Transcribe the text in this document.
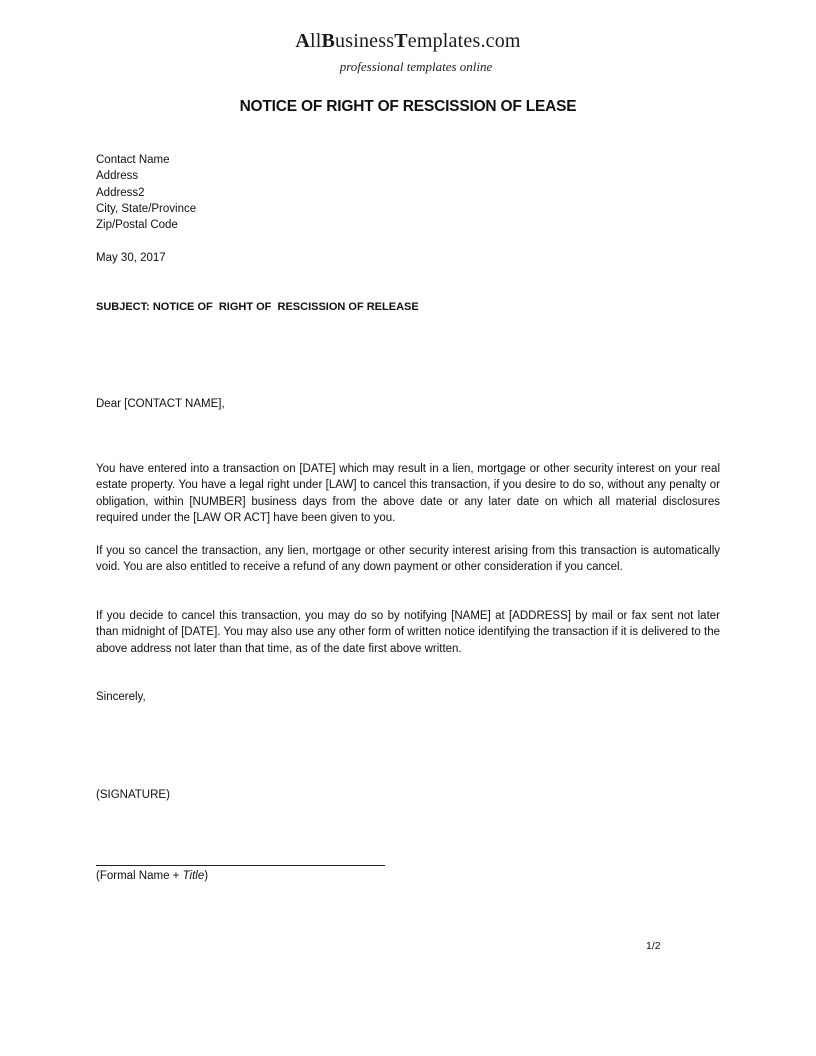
AllBusinessTemplates.com
professional templates online
NOTICE OF RIGHT OF RESCISSION OF LEASE
Contact Name
Address
Address2
City, State/Province
Zip/Postal Code
May 30, 2017
SUBJECT: NOTICE OF  RIGHT OF  RESCISSION OF RELEASE
Dear [CONTACT NAME],
You have entered into a transaction on [DATE] which may result in a lien, mortgage or other security interest on your real estate property. You have a legal right under [LAW] to cancel this transaction, if you desire to do so, without any penalty or obligation, within [NUMBER] business days from the above date or any later date on which all material disclosures required under the [LAW OR ACT] have been given to you.
If you so cancel the transaction, any lien, mortgage or other security interest arising from this transaction is automatically void. You are also entitled to receive a refund of any down payment or other consideration if you cancel.
If you decide to cancel this transaction, you may do so by notifying [NAME] at [ADDRESS] by mail or fax sent not later than midnight of [DATE]. You may also use any other form of written notice identifying the transaction if it is delivered to the above address not later than that time, as of the date first above written.
Sincerely,
(SIGNATURE)
(Formal Name + Title)
1/2
